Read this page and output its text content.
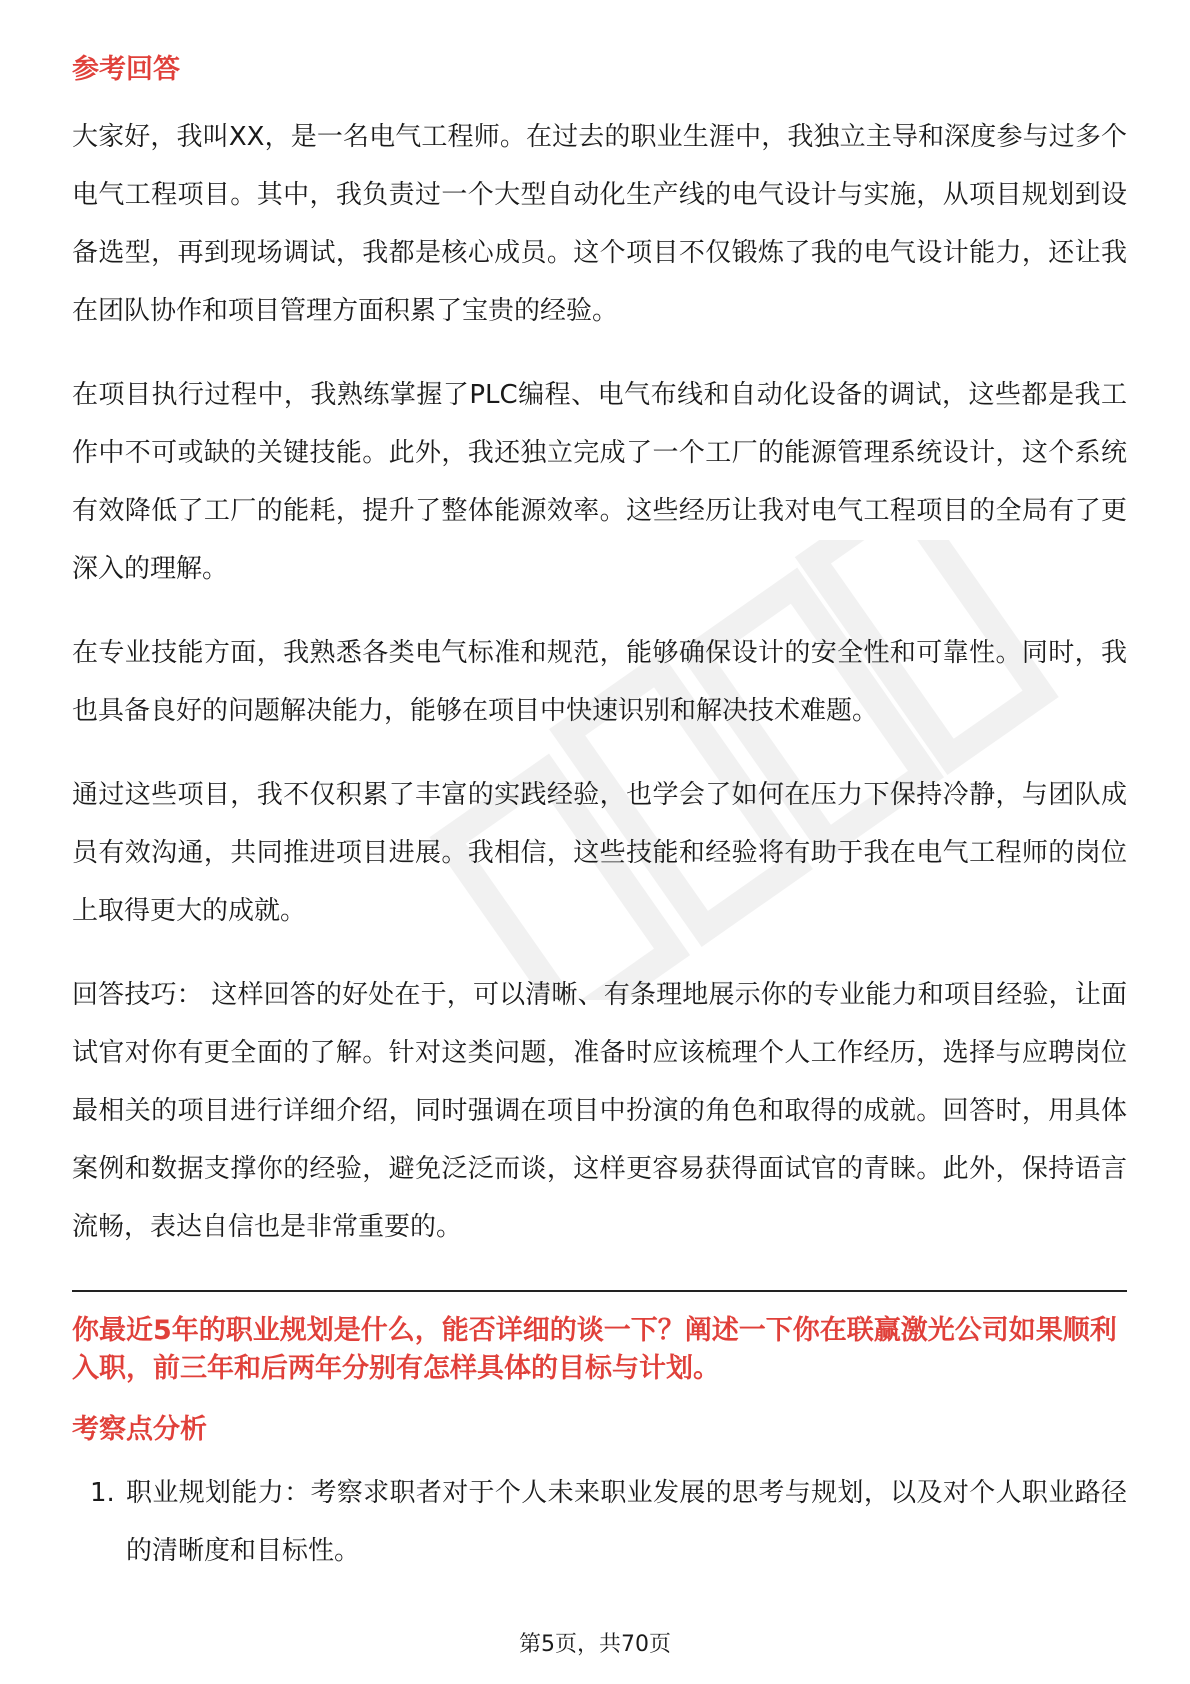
参考回答

大家好，我叫XX，是一名电气工程师。在过去的职业生涯中，我独立主导和深度参与过多个电气工程项目。其中，我负责过一个大型自动化生产线的电气设计与实施，从项目规划到设备选型，再到现场调试，我都是核心成员。这个项目不仅锻炼了我的电气设计能力，还让我在团队协作和项目管理方面积累了宝贵的经验。

在项目执行过程中，我熟练掌握了PLC编程、电气布线和自动化设备的调试，这些都是我工作中不可或缺的关键技能。此外，我还独立完成了一个工厂的能源管理系统设计，这个系统有效降低了工厂的能耗，提升了整体能源效率。这些经历让我对电气工程项目的全局有了更深入的理解。

在专业技能方面，我熟悉各类电气标准和规范，能够确保设计的安全性和可靠性。同时，我也具备良好的问题解决能力，能够在项目中快速识别和解决技术难题。

通过这些项目，我不仅积累了丰富的实践经验，也学会了如何在压力下保持冷静，与团队成员有效沟通，共同推进项目进展。我相信，这些技能和经验将有助于我在电气工程师的岗位上取得更大的成就。

回答技巧： 这样回答的好处在于，可以清晰、有条理地展示你的专业能力和项目经验，让面试官对你有更全面的了解。针对这类问题，准备时应该梳理个人工作经历，选择与应聘岗位最相关的项目进行详细介绍，同时强调在项目中扮演的角色和取得的成就。回答时，用具体案例和数据支撑你的经验，避免泛泛而谈，这样更容易获得面试官的青睐。此外，保持语言流畅，表达自信也是非常重要的。

你最近5年的职业规划是什么，能否详细的谈一下？阐述一下你在联赢激光公司如果顺利入职，前三年和后两年分别有怎样具体的目标与计划。
考察点分析
1. 职业规划能力：考察求职者对于个人未来职业发展的思考与规划，以及对个人职业路径的清晰度和目标性。
第5页，共70页
